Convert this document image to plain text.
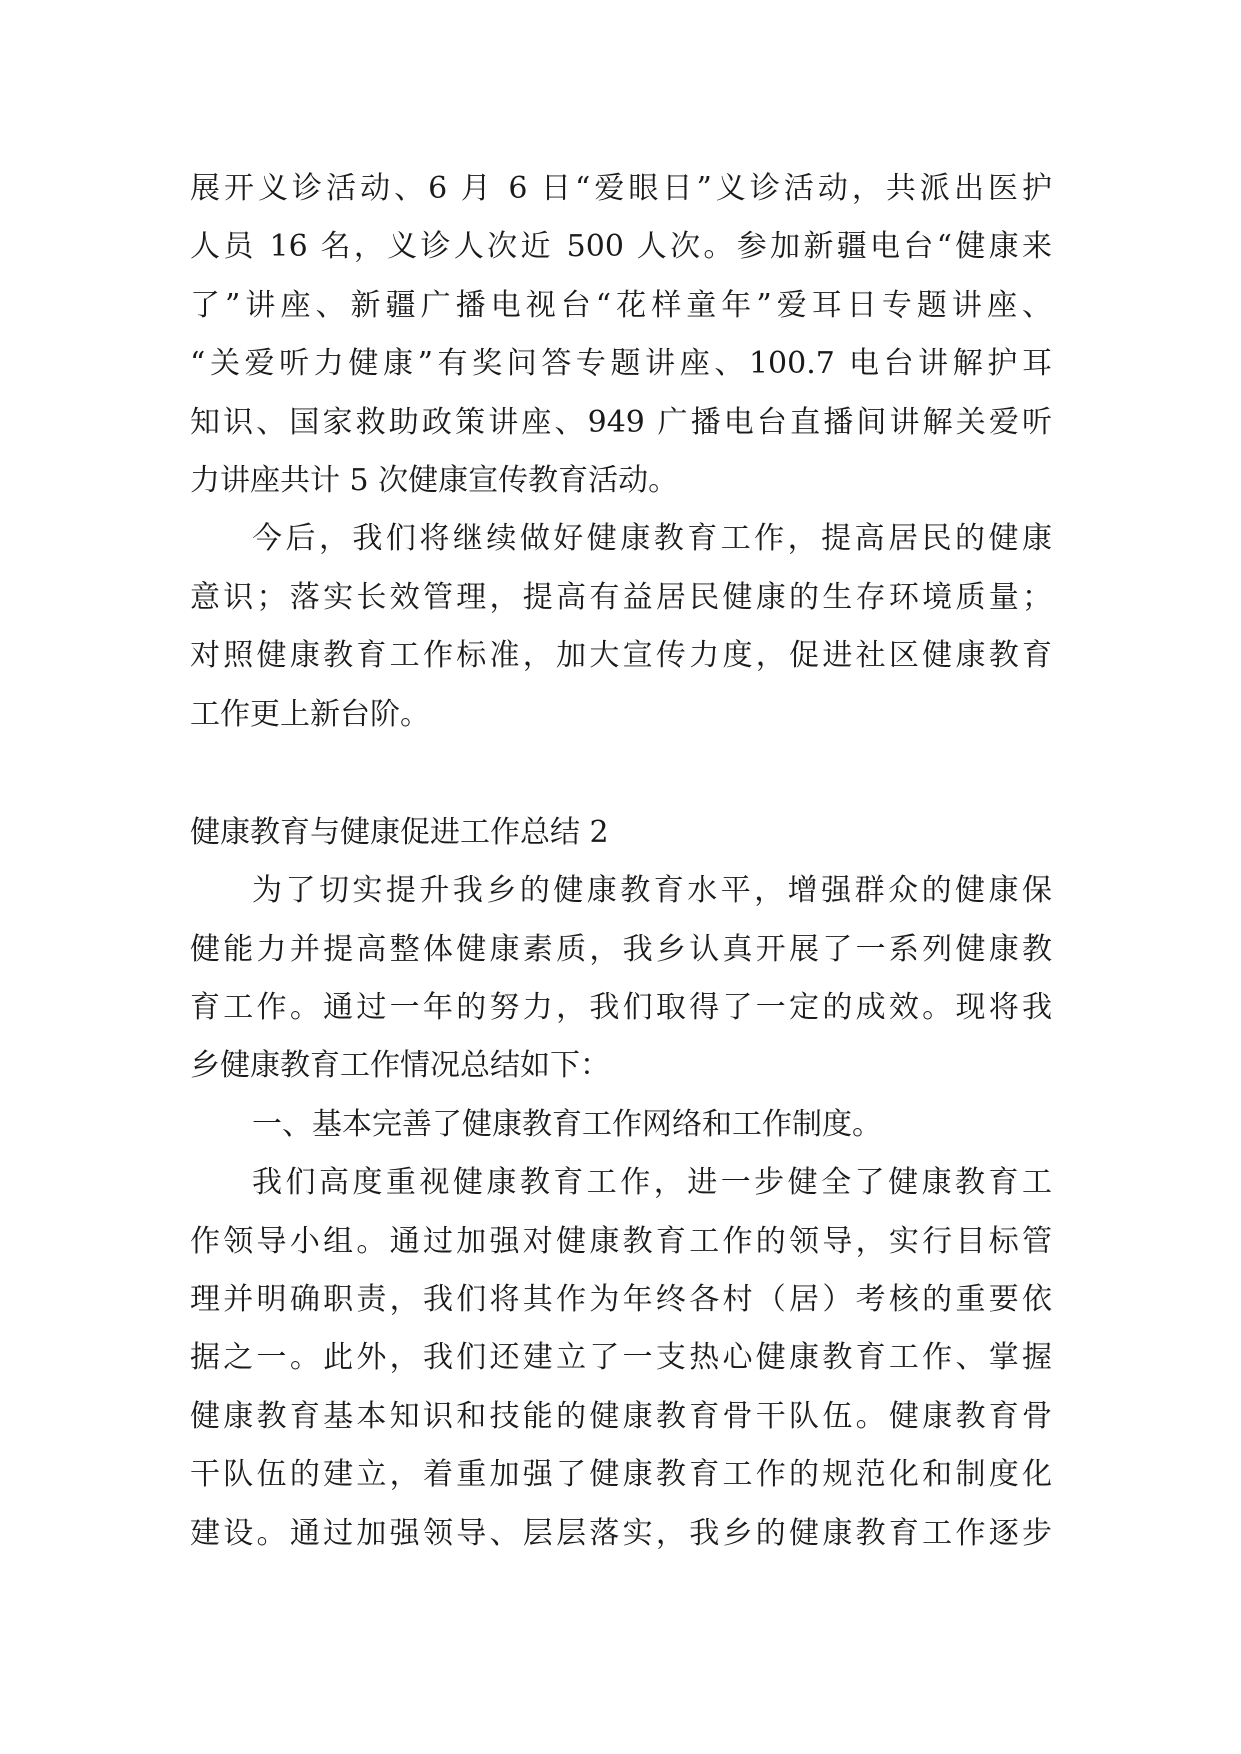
展开义诊活动、6 月 6 日“爱眼日”义诊活动，共派出医护
人员 16 名，义诊人次近 500 人次。参加新疆电台“健康来
了”讲座、新疆广播电视台“花样童年”爱耳日专题讲座、
“关爱听力健康”有奖问答专题讲座、100.7 电台讲解护耳
知识、国家救助政策讲座、949 广播电台直播间讲解关爱听
力讲座共计 5 次健康宣传教育活动。
今后，我们将继续做好健康教育工作，提高居民的健康
意识；落实长效管理，提高有益居民健康的生存环境质量；
对照健康教育工作标准，加大宣传力度，促进社区健康教育
工作更上新台阶。
健康教育与健康促进工作总结 2
为了切实提升我乡的健康教育水平，增强群众的健康保
健能力并提高整体健康素质，我乡认真开展了一系列健康教
育工作。通过一年的努力，我们取得了一定的成效。现将我
乡健康教育工作情况总结如下：
一、基本完善了健康教育工作网络和工作制度。
我们高度重视健康教育工作，进一步健全了健康教育工
作领导小组。通过加强对健康教育工作的领导，实行目标管
理并明确职责，我们将其作为年终各村（居）考核的重要依
据之一。此外，我们还建立了一支热心健康教育工作、掌握
健康教育基本知识和技能的健康教育骨干队伍。健康教育骨
干队伍的建立，着重加强了健康教育工作的规范化和制度化
建设。通过加强领导、层层落实，我乡的健康教育工作逐步
